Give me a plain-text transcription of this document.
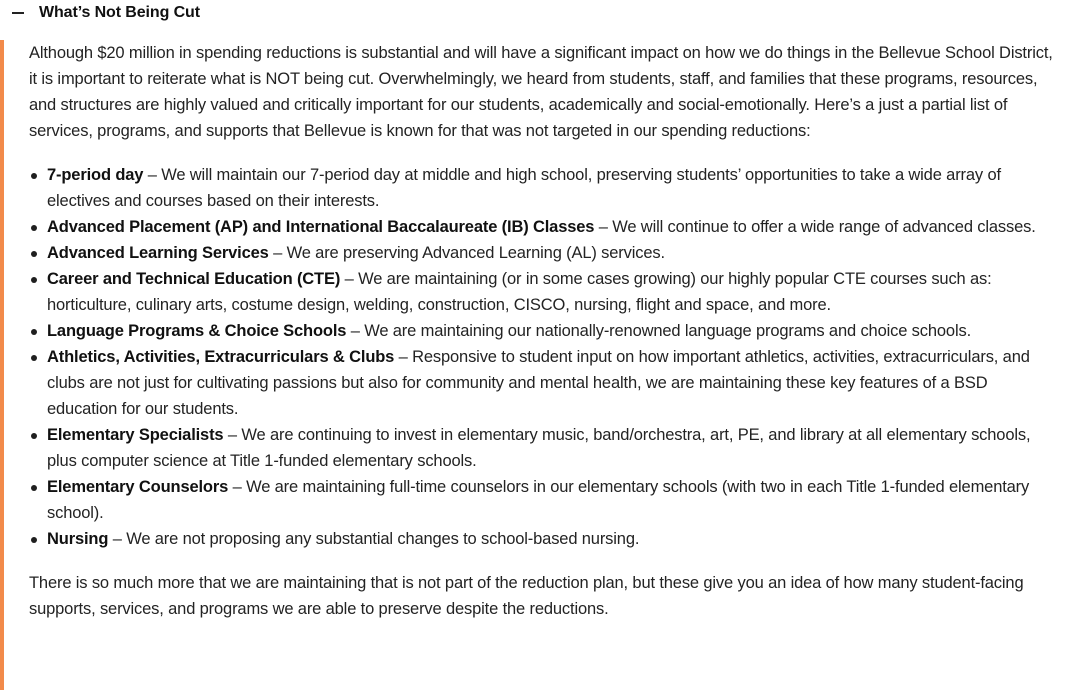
What’s Not Being Cut

Although $20 million in spending reductions is substantial and will have a significant impact on how we do things in the Bellevue School District, it is important to reiterate what is NOT being cut. Overwhelmingly, we heard from students, staff, and families that these programs, resources, and structures are highly valued and critically important for our students, academically and social-emotionally. Here’s a just a partial list of services, programs, and supports that Bellevue is known for that was not targeted in our spending reductions:

7-period day – We will maintain our 7-period day at middle and high school, preserving students’ opportunities to take a wide array of electives and courses based on their interests.
Advanced Placement (AP) and International Baccalaureate (IB) Classes – We will continue to offer a wide range of advanced classes.
Advanced Learning Services – We are preserving Advanced Learning (AL) services.
Career and Technical Education (CTE) – We are maintaining (or in some cases growing) our highly popular CTE courses such as: horticulture, culinary arts, costume design, welding, construction, CISCO, nursing, flight and space, and more.
Language Programs & Choice Schools – We are maintaining our nationally-renowned language programs and choice schools.
Athletics, Activities, Extracurriculars & Clubs – Responsive to student input on how important athletics, activities, extracurriculars, and clubs are not just for cultivating passions but also for community and mental health, we are maintaining these key features of a BSD education for our students.
Elementary Specialists – We are continuing to invest in elementary music, band/orchestra, art, PE, and library at all elementary schools, plus computer science at Title 1-funded elementary schools.
Elementary Counselors – We are maintaining full-time counselors in our elementary schools (with two in each Title 1-funded elementary school).
Nursing – We are not proposing any substantial changes to school-based nursing.

There is so much more that we are maintaining that is not part of the reduction plan, but these give you an idea of how many student-facing supports, services, and programs we are able to preserve despite the reductions.
